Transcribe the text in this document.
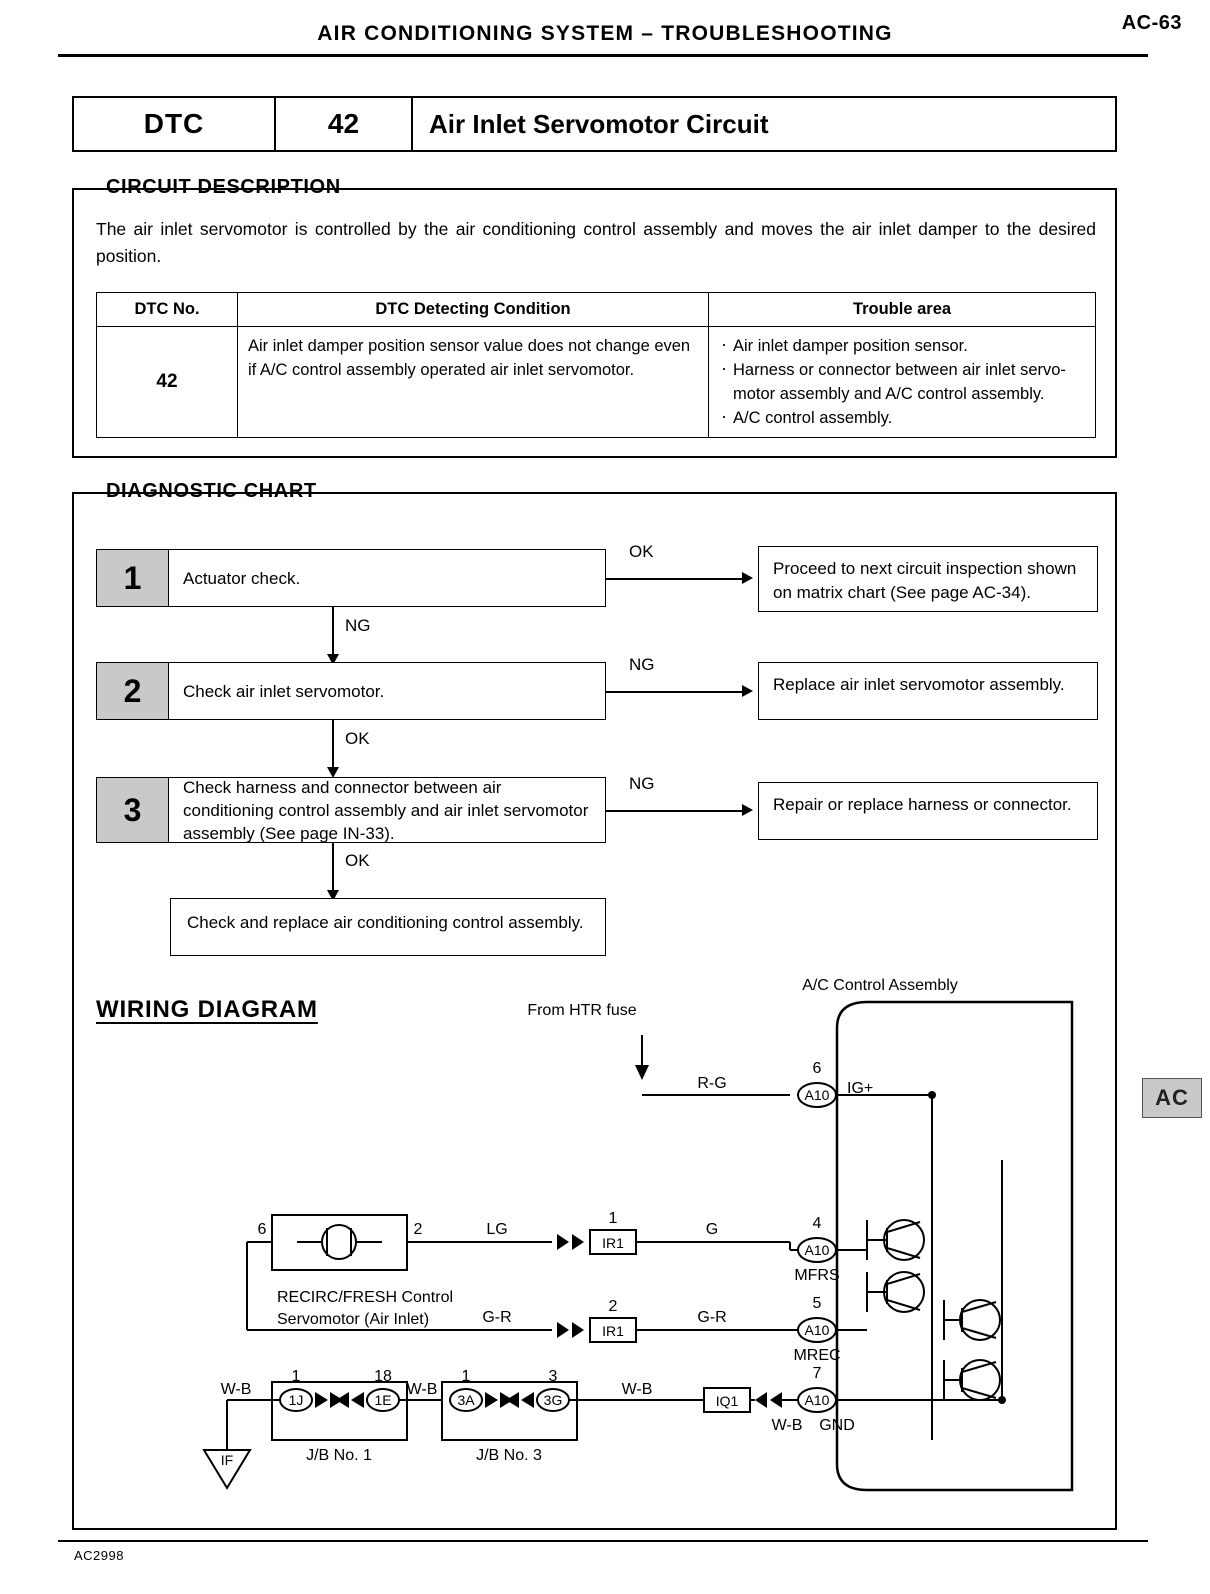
AIR CONDITIONING SYSTEM – TROUBLESHOOTING	AC-63
DTC	42	Air Inlet Servomotor Circuit
CIRCUIT DESCRIPTION
The air inlet servomotor is controlled by the air conditioning control assembly and moves the air inlet damper to the desired position.
DTC No.	DTC Detecting Condition	Trouble area
42	Air inlet damper position sensor value does not change even if A/C control assembly operated air inlet servomotor.	
· Air inlet damper position sensor.
· Harness or connector between air inlet servo-motor assembly and A/C control assembly.
· A/C control assembly.
DIAGNOSTIC CHART
1	Actuator check.
OK
Proceed to next circuit inspection shown on matrix chart (See page AC-34).
NG
2	Check air inlet servomotor.
NG
Replace air inlet servomotor assembly.
OK
3
Check harness and connector between air conditioning control assembly and air inlet servomotor assembly (See page IN-33).
NG
Repair or replace harness or connector.
OK
Check and replace air conditioning control assembly.
WIRING DIAGRAM	From HTR fuse
A/C Control Assembly
R-G
6
A10 IG+
6	2	LG
1
IR1
G	4
A10
MFRS
G-R
2
IR1
G-R
5
A10
MREC
W-B
1
1J
18
1E
W-B
1
3A
3
3G
W-B
IQ1
7
A10
W-B GND
RECIRC/FRESH Control
Servomotor (Air Inlet)
J/B No. 1	J/B No. 3
IF
AC
AC2998
